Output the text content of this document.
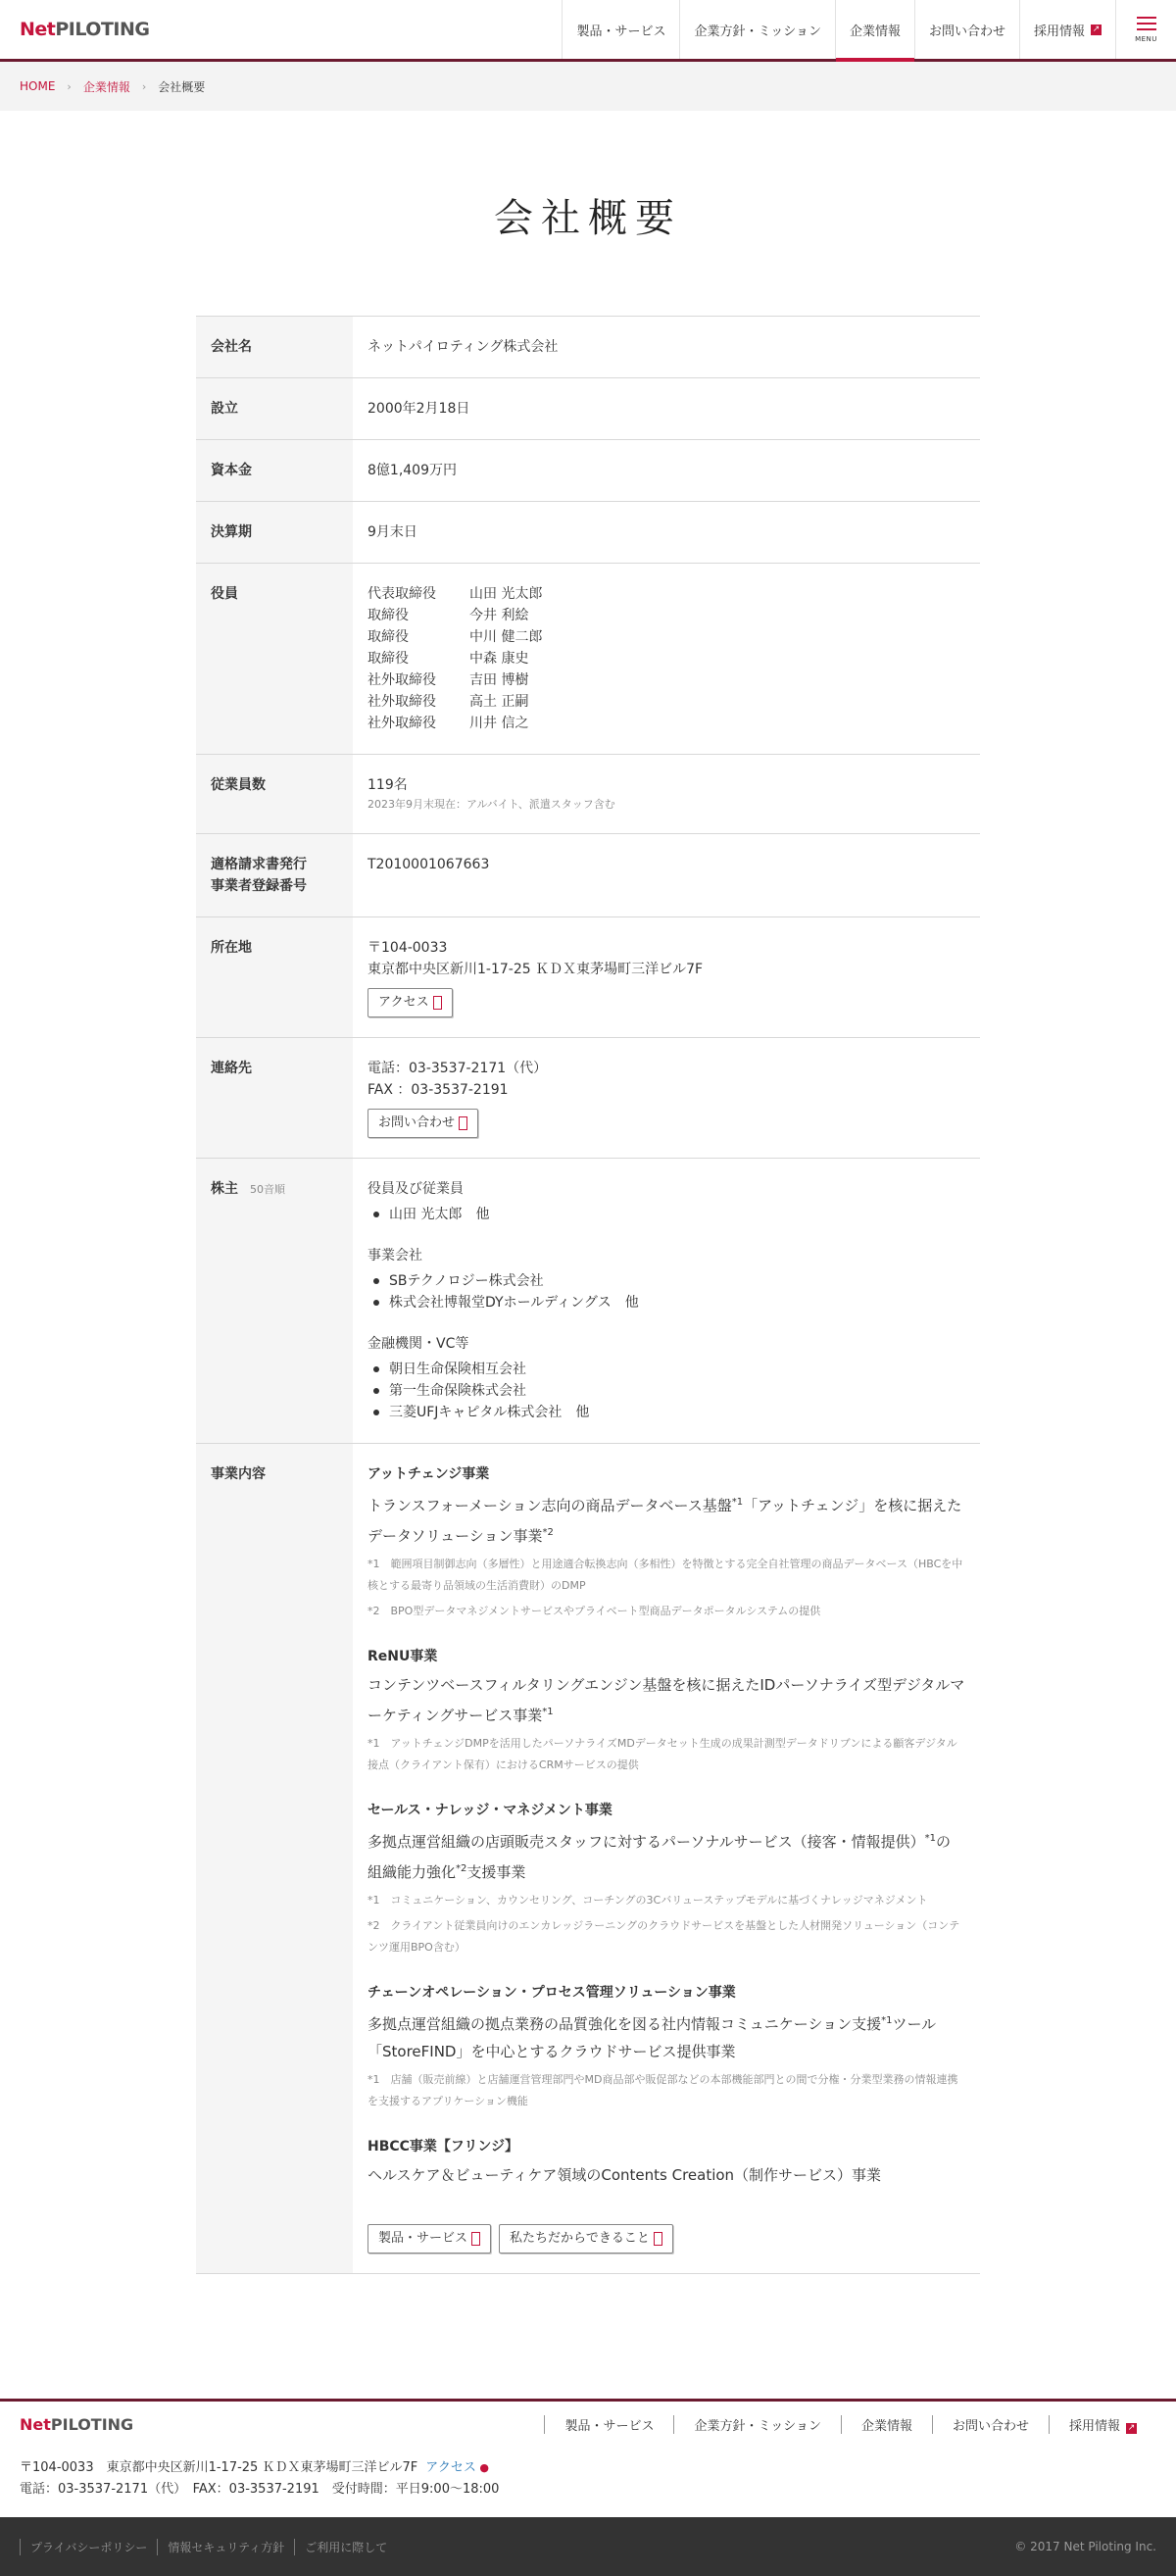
NetPILOTING	製品・サービス	企業方針・ミッション	企業情報	お問い合わせ	採用情報 ↗
MENU
HOME › 企業情報 › 会社概要
会社概要
会社名	ネットパイロティング株式会社
設立	2000年2月18日
資本金	8億1,409万円
決算期	9月末日
役員	代表取締役	山田 光太郎
取締役	今井 利絵
取締役	中川 健二郎
取締役	中森 康史
社外取締役	吉田 博樹
社外取締役	高土 正嗣
社外取締役	川井 信之
従業員数	119名
2023年9月末現在：アルバイト、派遣スタッフ含む
適格請求書発行
事業者登録番号
T2010001067663
所在地	〒104-0033
東京都中央区新川1-17-25 ＫＤＸ東茅場町三洋ビル7F
アクセス
連絡先	電話：03-3537-2171（代）
FAX ：03-3537-2191
お問い合わせ
株主 50音順	役員及び従業員
山田 光太郎　他
事業会社
SBテクノロジー株式会社
株式会社博報堂DYホールディングス　他
金融機関・VC等
朝日生命保険相互会社
第一生命保険株式会社
三菱UFJキャピタル株式会社　他
事業内容	アットチェンジ事業
トランスフォーメーション志向の商品データベース基盤$^{*1}$「アットチェンジ」を核に据えたデータソリューション事業$^{*2}$
*1　範囲項目制御志向（多層性）と用途適合転換志向（多相性）を特徴とする完全自社管理の商品データベース（HBCを中核とする最寄り品領域の生活消費財）のDMP
*2　BPO型データマネジメントサービスやプライベート型商品データポータルシステムの提供
ReNU事業
コンテンツベースフィルタリングエンジン基盤を核に据えたIDパーソナライズ型デジタルマーケティングサービス事業$^{*1}$
*1　アットチェンジDMPを活用したパーソナライズMDデータセット生成の成果計測型データドリブンによる顧客デジタル接点（クライアント保有）におけるCRMサービスの提供
セールス・ナレッジ・マネジメント事業
多拠点運営組織の店頭販売スタッフに対するパーソナルサービス（接客・情報提供）$^{*1}$の組織能力強化$^{*2}$支援事業
*1　コミュニケーション、カウンセリング、コーチングの3Cバリューステップモデルに基づくナレッジマネジメント
*2　クライアント従業員向けのエンカレッジラーニングのクラウドサービスを基盤とした人材開発ソリューション（コンテンツ運用BPO含む）
チェーンオペレーション・プロセス管理ソリューション事業
多拠点運営組織の拠点業務の品質強化を図る社内情報コミュニケーション支援$^{*1}$ツール「StoreFIND」を中心とするクラウドサービス提供事業
*1　店舗（販売前線）と店舗運営管理部門やMD商品部や販促部などの本部機能部門との間で分権・分業型業務の情報連携を支援するアプリケーション機能
HBCC事業【フリンジ】
ヘルスケア＆ビューティケア領域のContents Creation（制作サービス）事業
製品・サービス	私たちだからできること
NetPILOTING	製品・サービス	企業方針・ミッション	企業情報	お問い合わせ	採用情報 ↗
〒104-0033　東京都中央区新川1-17-25 ＫＤＸ東茅場町三洋ビル7F アクセス ●
電話：03-3537-2171（代）　FAX：03-3537-2191　受付時間：平日9:00〜18:00
プライバシーポリシー	情報セキュリティ方針	ご利用に際して	© 2017 Net Piloting Inc.
